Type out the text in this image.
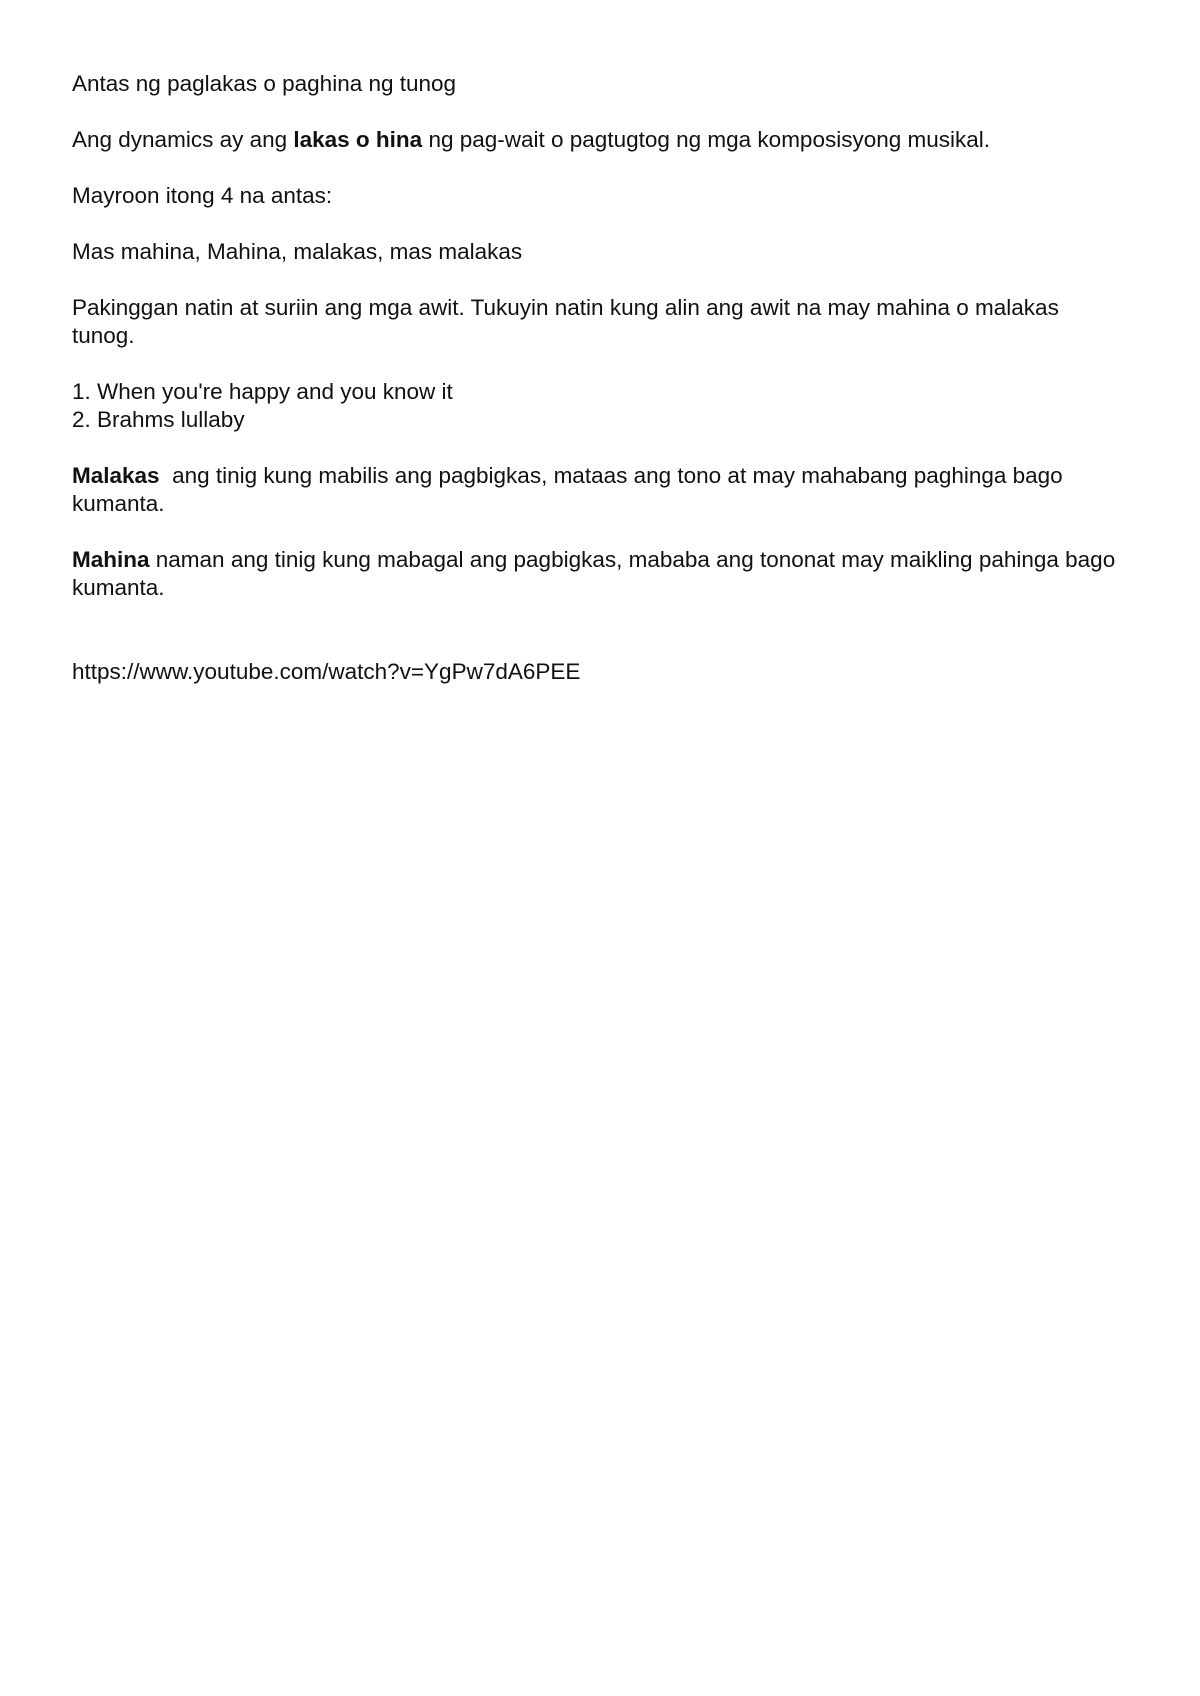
Antas ng paglakas o paghina ng tunog

Ang dynamics ay ang lakas o hina ng pag-wait o pagtugtog ng mga komposisyong musikal.

Mayroon itong 4 na antas:

Mas mahina, Mahina, malakas, mas malakas

Pakinggan natin at suriin ang mga awit. Tukuyin natin kung alin ang awit na may mahina o malakas tunog.

1. When you're happy and you know it
2. Brahms lullaby

Malakas  ang tinig kung mabilis ang pagbigkas, mataas ang tono at may mahabang paghinga bago kumanta.

Mahina naman ang tinig kung mabagal ang pagbigkas, mababa ang tononat may maikling pahinga bago kumanta.

https://www.youtube.com/watch?v=YgPw7dA6PEE
